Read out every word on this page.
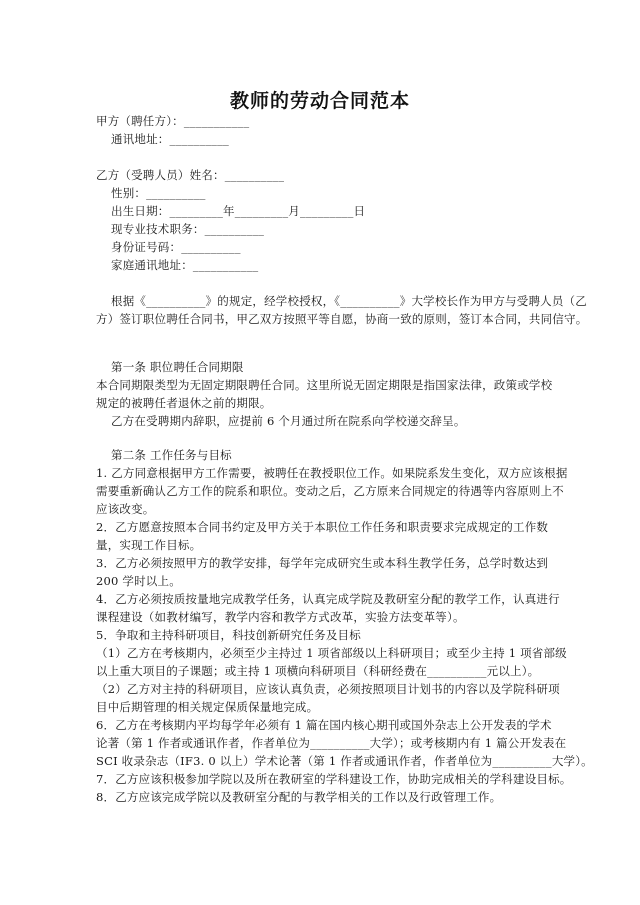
教师的劳动合同范本
甲方（聘任方）：___________
通讯地址：__________
乙方（受聘人员）姓名：__________
性别：__________
出生日期：_________年_________月_________日
现专业技术职务：__________
身份证号码：__________
家庭通讯地址：___________
根据《__________》的规定，经学校授权，《__________》大学校长作为甲方与受聘人员（乙
方）签订职位聘任合同书，甲乙双方按照平等自愿，协商一致的原则，签订本合同，共同信守。
第一条 职位聘任合同期限
本合同期限类型为无固定期限聘任合同。这里所说无固定期限是指国家法律，政策或学校
规定的被聘任者退休之前的期限。
乙方在受聘期内辞职，应提前 6 个月通过所在院系向学校递交辞呈。
第二条 工作任务与目标
1. 乙方同意根据甲方工作需要，被聘任在教授职位工作。如果院系发生变化，双方应该根据
需要重新确认乙方工作的院系和职位。变动之后，乙方原来合同规定的待遇等内容原则上不
应该改变。
2．乙方愿意按照本合同书约定及甲方关于本职位工作任务和职责要求完成规定的工作数
量，实现工作目标。
3．乙方必须按照甲方的教学安排，每学年完成研究生或本科生教学任务，总学时数达到
200 学时以上。
4．乙方必须按质按量地完成教学任务，认真完成学院及教研室分配的教学工作，认真进行
课程建设（如教材编写，教学内容和教学方式改革，实验方法变革等）。
5．争取和主持科研项目，科技创新研究任务及目标
（1）乙方在考核期内，必须至少主持过 1 项省部级以上科研项目；或至少主持 1 项省部级
以上重大项目的子课题；或主持 1 项横向科研项目（科研经费在__________元以上）。
（2）乙方对主持的科研项目，应该认真负责，必须按照项目计划书的内容以及学院科研项
目中后期管理的相关规定保质保量地完成。
6．乙方在考核期内平均每学年必须有 1 篇在国内核心期刊或国外杂志上公开发表的学术
论著（第 1 作者或通讯作者，作者单位为__________大学）；或考核期内有 1 篇公开发表在
SCI 收录杂志（IF3. 0 以上）学术论著（第 1 作者或通讯作者，作者单位为__________大学）。
7．乙方应该积极参加学院以及所在教研室的学科建设工作，协助完成相关的学科建设目标。
8．乙方应该完成学院以及教研室分配的与教学相关的工作以及行政管理工作。
